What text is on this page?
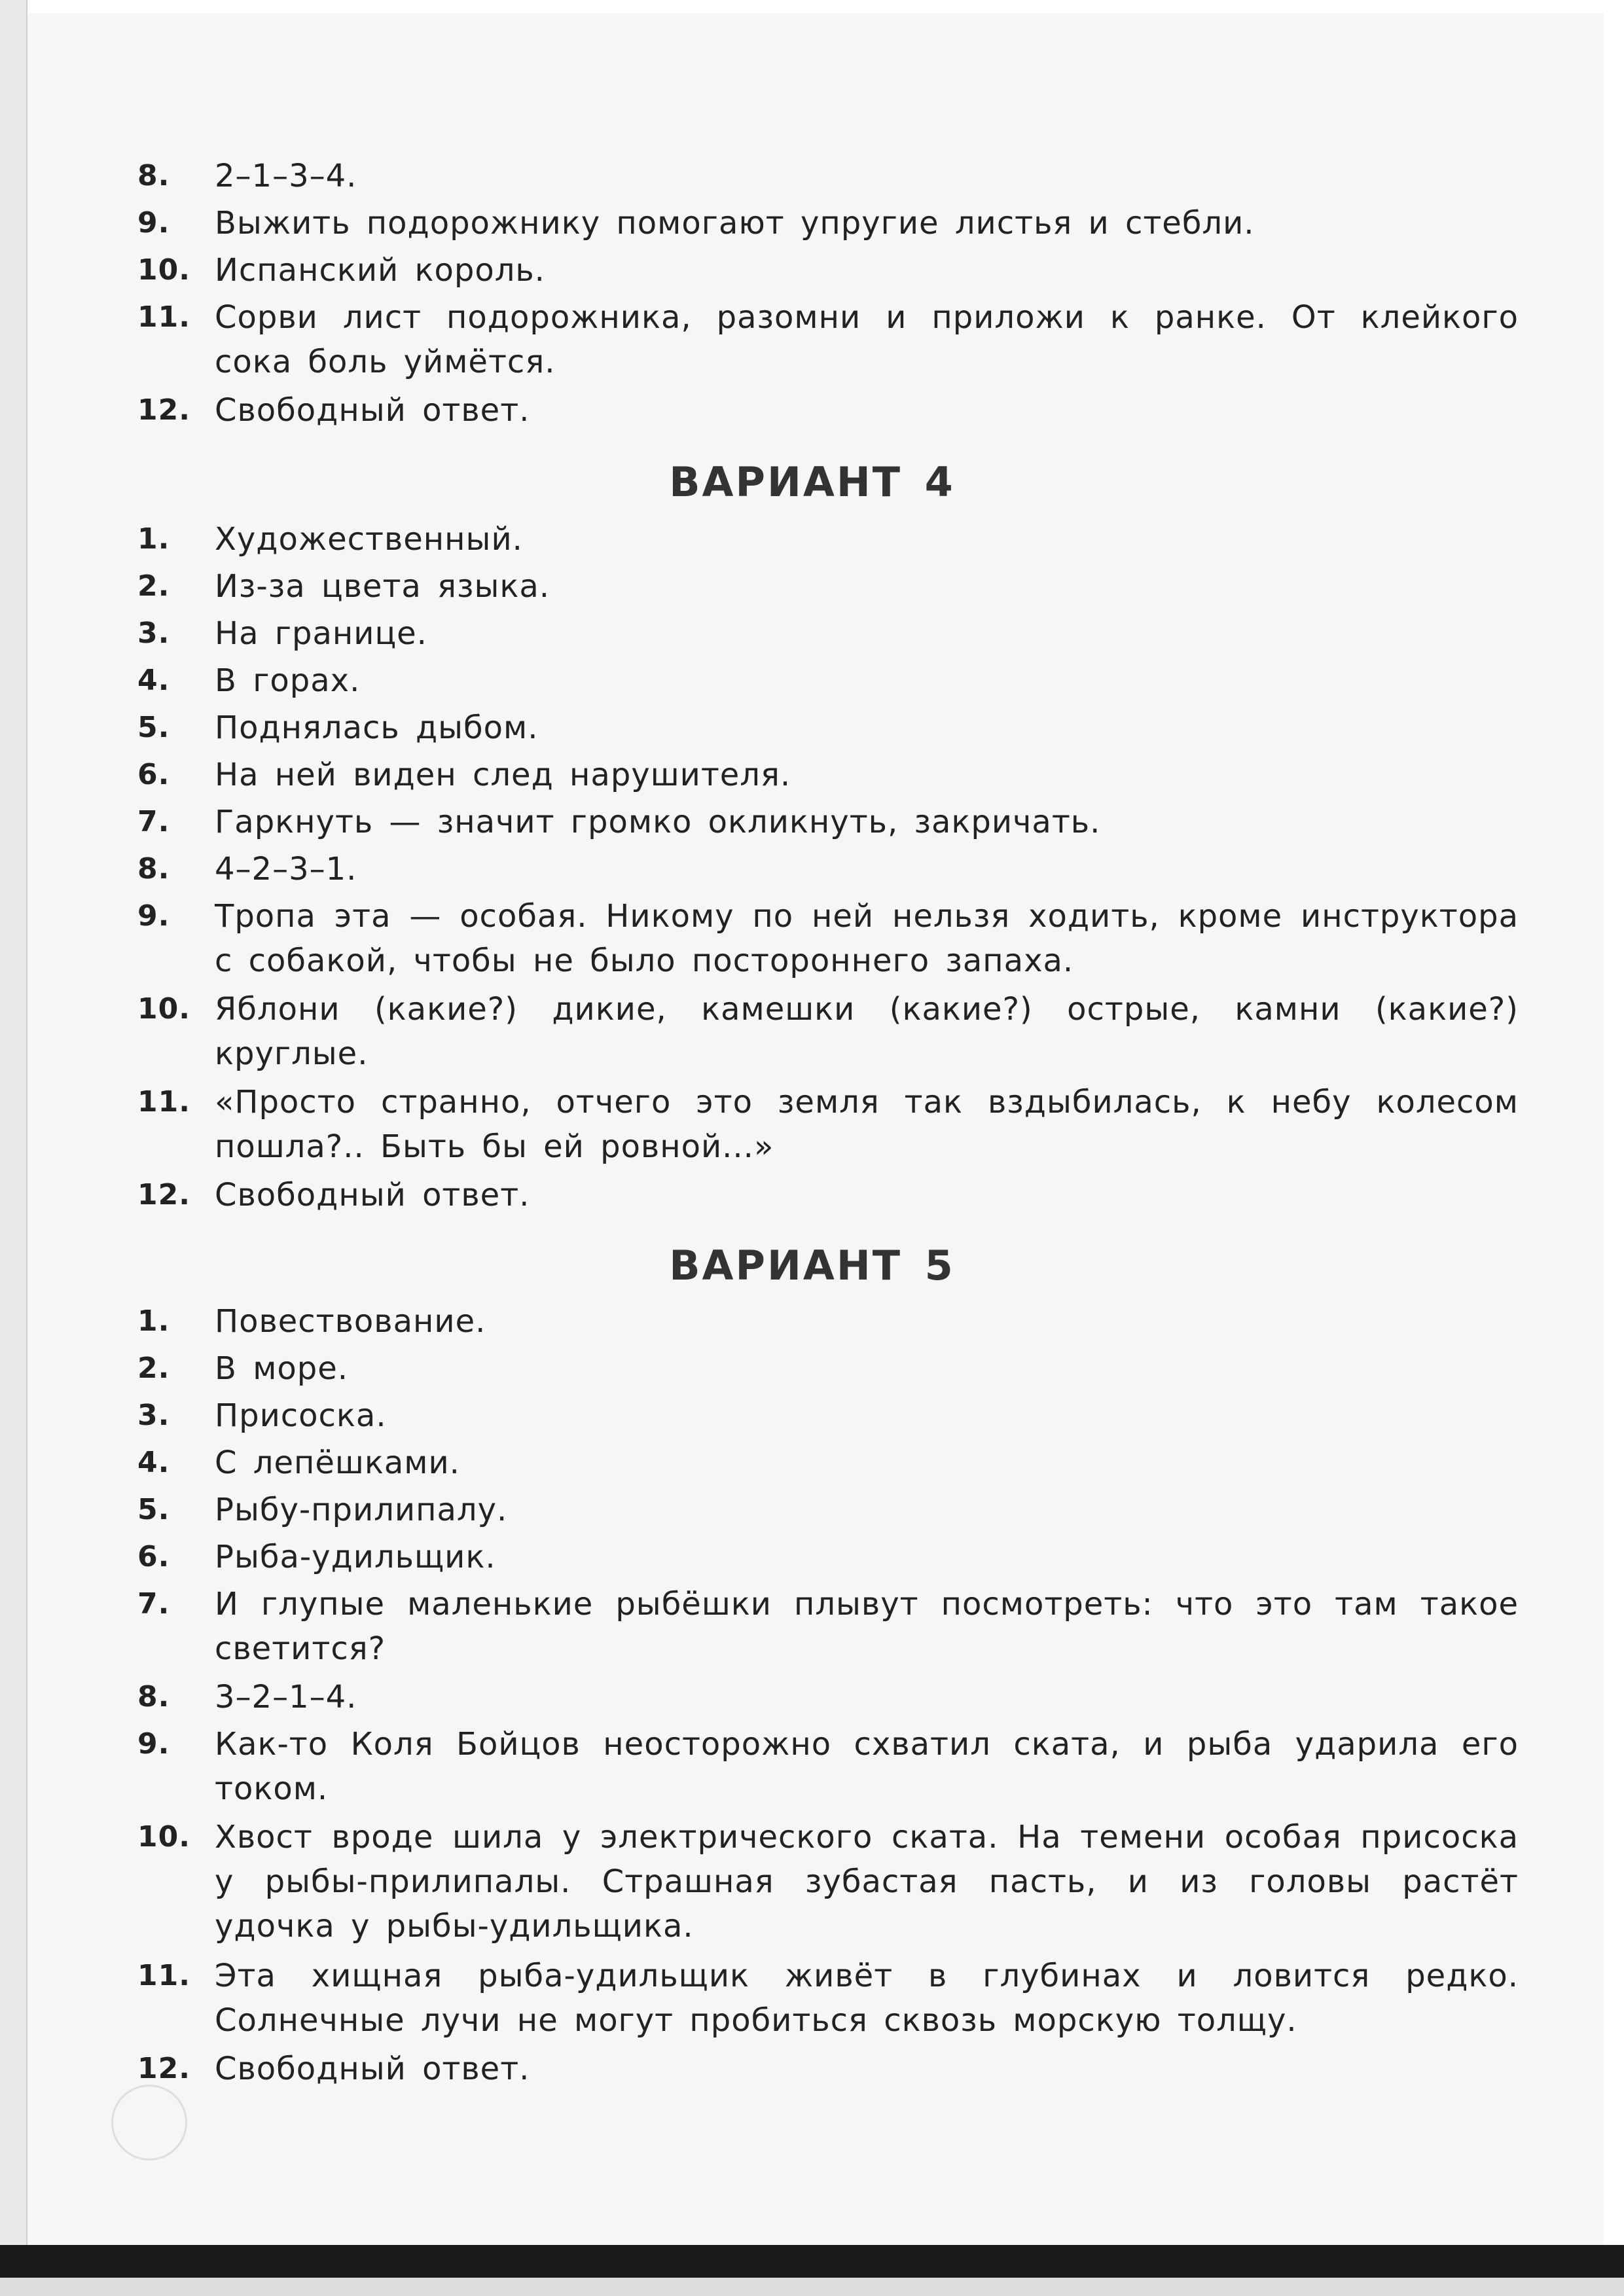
8.	2–1–3–4.
9.	Выжить подорожнику помогают упругие листья и стебли.
10. Испанский король.
11. Сорви лист подорожника, разомни и приложи к ранке. От клейкого сока боль уймётся.
12. Свободный ответ.
ВАРИАНТ 4
1.	Художественный.
2.	Из-за цвета языка.
3.	На границе.
4.	В горах.
5.	Поднялась дыбом.
6.	На ней виден след нарушителя.
7.	Гаркнуть — значит громко окликнуть, закричать.
8.	4–2–3–1.
9.	Тропа эта — особая. Никому по ней нельзя ходить, кроме инструктора с собакой, чтобы не было постороннего запаха.
10. Яблони (какие?) дикие, камешки (какие?) острые, камни (какие?) круглые.
11. «Просто странно, отчего это земля так вздыбилась, к небу колесом пошла?.. Быть бы ей ровной...»
12. Свободный ответ.
ВАРИАНТ 5
1.	Повествование.
2.	В море.
3.	Присоска.
4.	С лепёшками.
5.	Рыбу-прилипалу.
6.	Рыба-удильщик.
7.	И глупые маленькие рыбёшки плывут посмотреть: что это там такое светится?
8.	3–2–1–4.
9.	Как-то Коля Бойцов неосторожно схватил ската, и рыба ударила его током.
10. Хвост вроде шила у электрического ската. На темени особая присоска у рыбы-прилипалы. Страшная зубастая пасть, и из головы растёт удочка у рыбы-удильщика.
11. Эта хищная рыба-удильщик живёт в глубинах и ловится редко. Солнечные лучи не могут пробиться сквозь морскую толщу.
12. Свободный ответ.
